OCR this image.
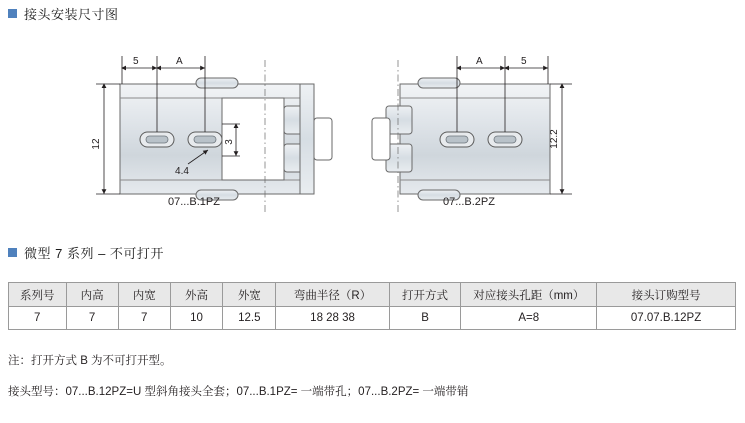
接头安装尺寸图
5	A	A	5
12	12.2
3
4.4
07...B.1PZ	07...B.2PZ
微型 7 系列 – 不可打开
系列号	内高	内宽	外高	外宽	弯曲半径（R）	打开方式	对应接头孔距（mm）	接头订购型号
7	7	7	10	12.5	18 28 38	B	A=8	07.07.B.12PZ
注：打开方式 B 为不可打开型。
接头型号：07...B.12PZ=U 型斜角接头全套；07...B.1PZ= 一端带孔；07...B.2PZ= 一端带销
